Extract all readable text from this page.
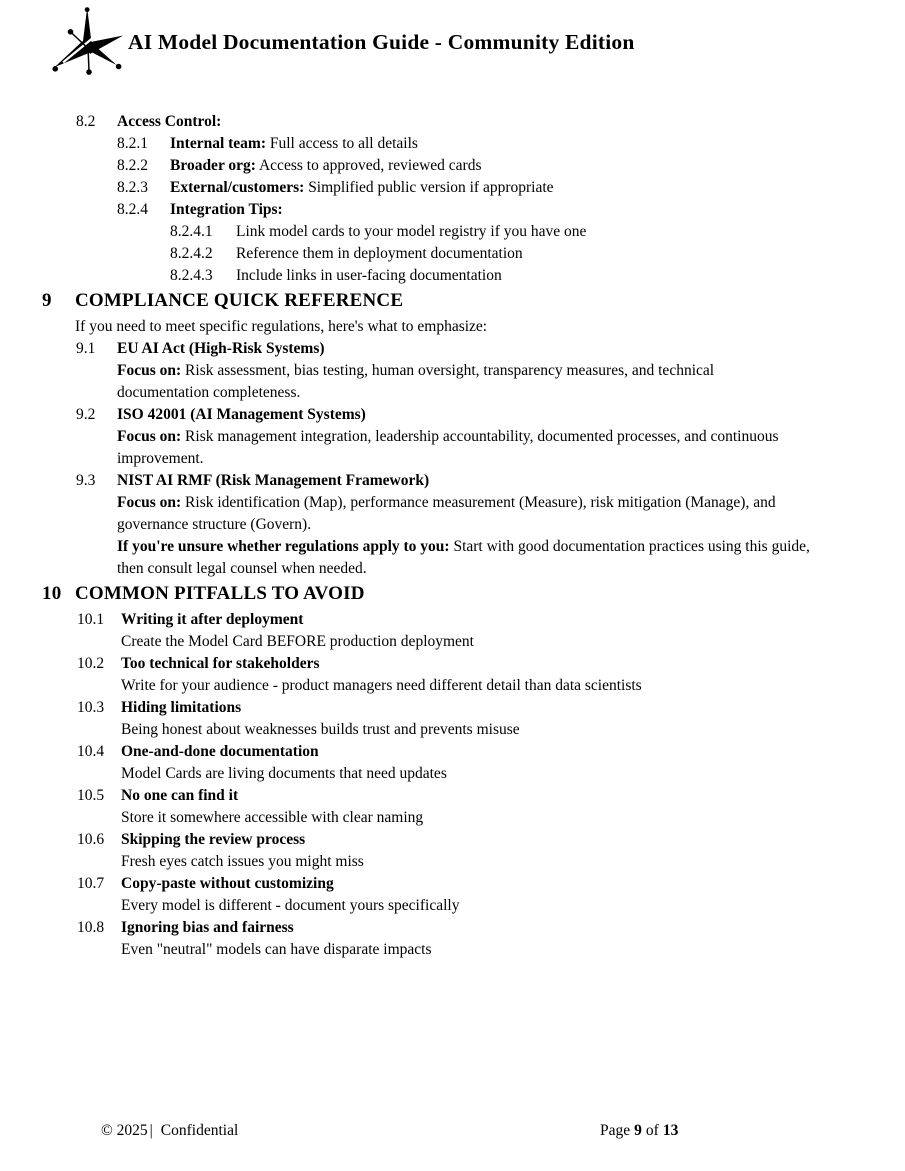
AI Model Documentation Guide - Community Edition
8.2 Access Control:
8.2.1 Internal team: Full access to all details
8.2.2 Broader org: Access to approved, reviewed cards
8.2.3 External/customers: Simplified public version if appropriate
8.2.4 Integration Tips:
8.2.4.1 Link model cards to your model registry if you have one
8.2.4.2 Reference them in deployment documentation
8.2.4.3 Include links in user-facing documentation
9 COMPLIANCE QUICK REFERENCE
If you need to meet specific regulations, here's what to emphasize:
9.1 EU AI Act (High-Risk Systems)
Focus on: Risk assessment, bias testing, human oversight, transparency measures, and technical
documentation completeness.
9.2 ISO 42001 (AI Management Systems)
Focus on: Risk management integration, leadership accountability, documented processes, and continuous
improvement.
9.3 NIST AI RMF (Risk Management Framework)
Focus on: Risk identification (Map), performance measurement (Measure), risk mitigation (Manage), and
governance structure (Govern).
If you're unsure whether regulations apply to you: Start with good documentation practices using this guide,
then consult legal counsel when needed.
10 COMMON PITFALLS TO AVOID
10.1 Writing it after deployment
Create the Model Card BEFORE production deployment
10.2 Too technical for stakeholders
Write for your audience - product managers need different detail than data scientists
10.3 Hiding limitations
Being honest about weaknesses builds trust and prevents misuse
10.4 One-and-done documentation
Model Cards are living documents that need updates
10.5 No one can find it
Store it somewhere accessible with clear naming
10.6 Skipping the review process
Fresh eyes catch issues you might miss
10.7 Copy-paste without customizing
Every model is different - document yours specifically
10.8 Ignoring bias and fairness
Even "neutral" models can have disparate impacts
© 2025 | Confidential	Page 9 of 13
